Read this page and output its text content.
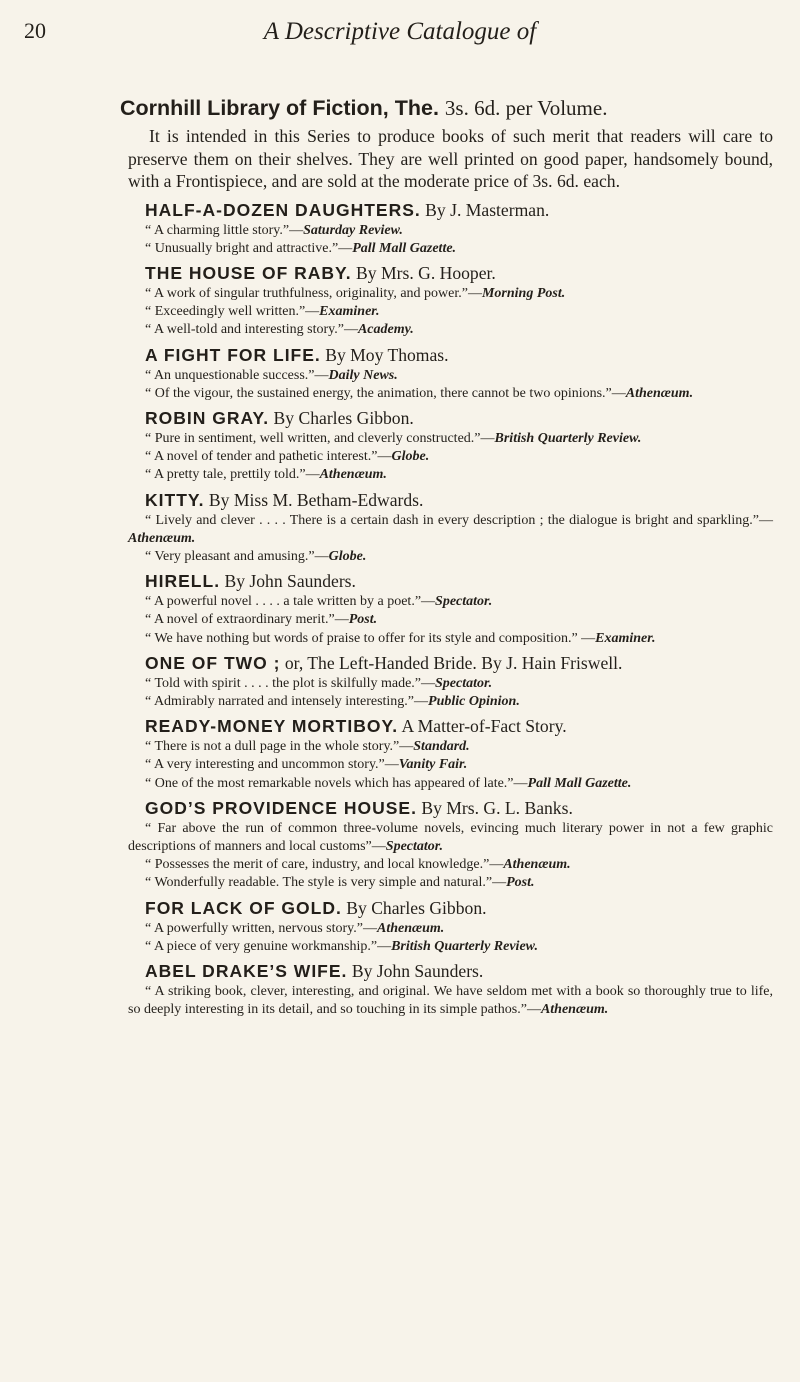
20	A Descriptive Catalogue of
Cornhill Library of Fiction, The. 3s. 6d. per Volume.

It is intended in this Series to produce books of such merit that readers will care to preserve them on their shelves. They are well printed on good paper, handsomely bound, with a Frontispiece, and are sold at the moderate price of 3s. 6d. each.

HALF-A-DOZEN DAUGHTERS. By J. Masterman.

“ A charming little story.”—Saturday Review.

“ Unusually bright and attractive.”—Pall Mall Gazette.

THE HOUSE OF RABY. By Mrs. G. Hooper.

“ A work of singular truthfulness, originality, and power.”—Morning Post.

“ Exceedingly well written.”—Examiner.

“ A well-told and interesting story.”—Academy.

A FIGHT FOR LIFE. By Moy Thomas.

“ An unquestionable success.”—Daily News.

“ Of the vigour, the sustained energy, the animation, there cannot be two opinions.”—Athenæum.

ROBIN GRAY. By Charles Gibbon.

“ Pure in sentiment, well written, and cleverly constructed.”—British Quarterly Review.

“ A novel of tender and pathetic interest.”—Globe.

“ A pretty tale, prettily told.”—Athenæum.

KITTY. By Miss M. Betham-Edwards.

“ Lively and clever . . . . There is a certain dash in every description ; the dialogue is bright and sparkling.”—Athenæum.

“ Very pleasant and amusing.”—Globe.

HIRELL. By John Saunders.

“ A powerful novel . . . . a tale written by a poet.”—Spectator.

“ A novel of extraordinary merit.”—Post.

“ We have nothing but words of praise to offer for its style and composition.” —Examiner.

ONE OF TWO ; or, The Left-Handed Bride. By J. Hain Friswell.

“ Told with spirit . . . . the plot is skilfully made.”—Spectator.

“ Admirably narrated and intensely interesting.”—Public Opinion.

READY-MONEY MORTIBOY. A Matter-of-Fact Story.

“ There is not a dull page in the whole story.”—Standard.

“ A very interesting and uncommon story.”—Vanity Fair.

“ One of the most remarkable novels which has appeared of late.”—Pall Mall Gazette.

GOD’S PROVIDENCE HOUSE. By Mrs. G. L. Banks.

“ Far above the run of common three-volume novels, evincing much literary power in not a few graphic descriptions of manners and local customs”—Spectator.

“ Possesses the merit of care, industry, and local knowledge.”—Athenæum.

“ Wonderfully readable. The style is very simple and natural.”—Post.

FOR LACK OF GOLD. By Charles Gibbon.

“ A powerfully written, nervous story.”—Athenæum.

“ A piece of very genuine workmanship.”—British Quarterly Review.

ABEL DRAKE’S WIFE. By John Saunders.

“ A striking book, clever, interesting, and original. We have seldom met with a book so thoroughly true to life, so deeply interesting in its detail, and so touching in its simple pathos.”—Athenæum.
